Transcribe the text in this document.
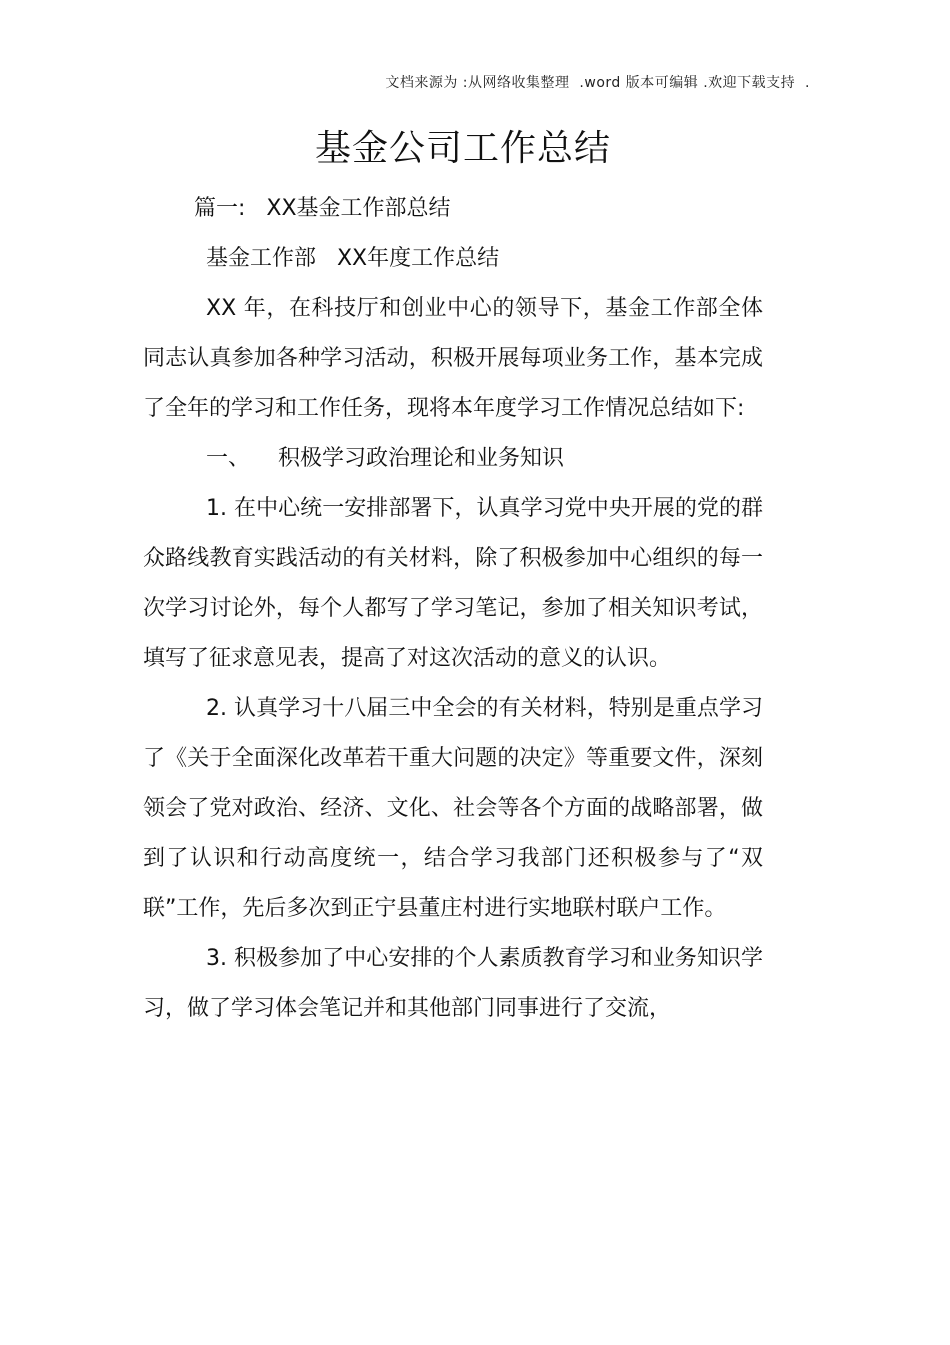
文档来源为 :从网络收集整理  .word 版本可编辑 .欢迎下载支持  .
基金公司工作总结

篇一:   XX基金工作部总结

基金工作部   XX年度工作总结

XX 年，在科技厅和创业中心的领导下，基金工作部全体同志认真参加各种学习活动，积极开展每项业务工作，基本完成了全年的学习和工作任务，现将本年度学习工作情况总结如下:

一、    积极学习政治理论和业务知识

1. 在中心统一安排部署下，认真学习党中央开展的党的群众路线教育实践活动的有关材料，除了积极参加中心组织的每一次学习讨论外，每个人都写了学习笔记，参加了相关知识考试，填写了征求意见表，提高了对这次活动的意义的认识。

2. 认真学习十八届三中全会的有关材料，特别是重点学习了《关于全面深化改革若干重大问题的决定》等重要文件，深刻领会了党对政治、经济、文化、社会等各个方面的战略部署，做到了认识和行动高度统一，结合学习我部门还积极参与了“双联”工作，先后多次到正宁县董庄村进行实地联村联户工作。

3. 积极参加了中心安排的个人素质教育学习和业务知识学习，做了学习体会笔记并和其他部门同事进行了交流，
